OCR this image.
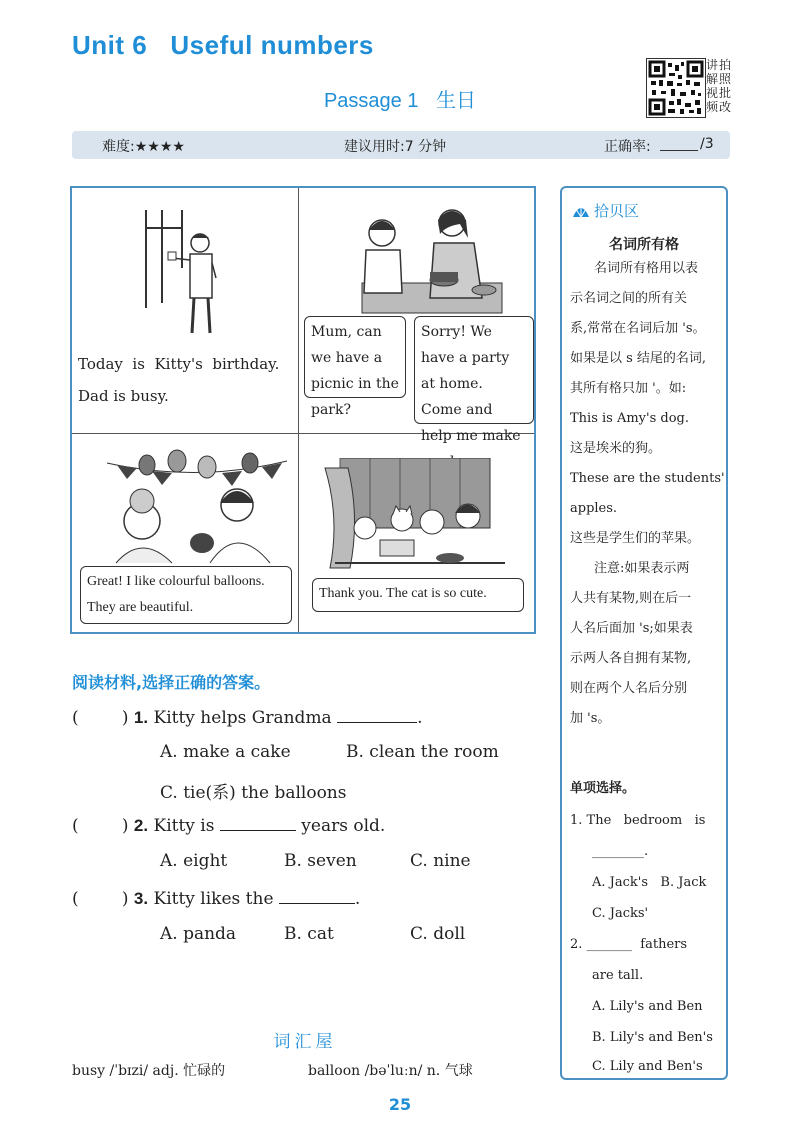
Unit 6   Useful numbers
Passage 1 生日
讲 拍
解 照
视 批
频 改
难度:★★★★	建议用时:7 分钟	正确率:	/3
Today  is  Kitty's  birthday.
Dad is busy.
Mum, can we have a picnic in the park?
Sorry! We have a party at home. Come and help me make
Great! I like colourful balloons. They are beautiful.
Thank you. The cat is so cute.
拾贝区
名词所有格
名词所有格用以表
示名词之间的所有关
系,常常在名词后加 's。
如果是以 s 结尾的名词,
其所有格只加 '。如:
This is Amy's dog.
这是埃米的狗。
These are the students'
apples.
这些是学生们的苹果。
注意:如果表示两
人共有某物,则在后一
人名后面加 's;如果表
示两人各自拥有某物,
则在两个人名后分别
加 's。
单项选择。
1. The   bedroom   is
________.
A. Jack's   B. Jack
C. Jacks'
2. _______  fathers
are tall.
A. Lily's and Ben
B. Lily's and Ben's
C. Lily and Ben's
阅读材料,选择正确的答案。
(        ) 1. Kitty helps Grandma	.
A. make a cake	B. clean the room
C. tie(系) the balloons
(        ) 2. Kitty is	years old.
A. eight	B. seven	C. nine
(        ) 3. Kitty likes the	.
A. panda	B. cat	C. doll
词汇屋
busy /ˈbɪzi/ adj. 忙碌的	balloon /bəˈluːn/ n. 气球
25
